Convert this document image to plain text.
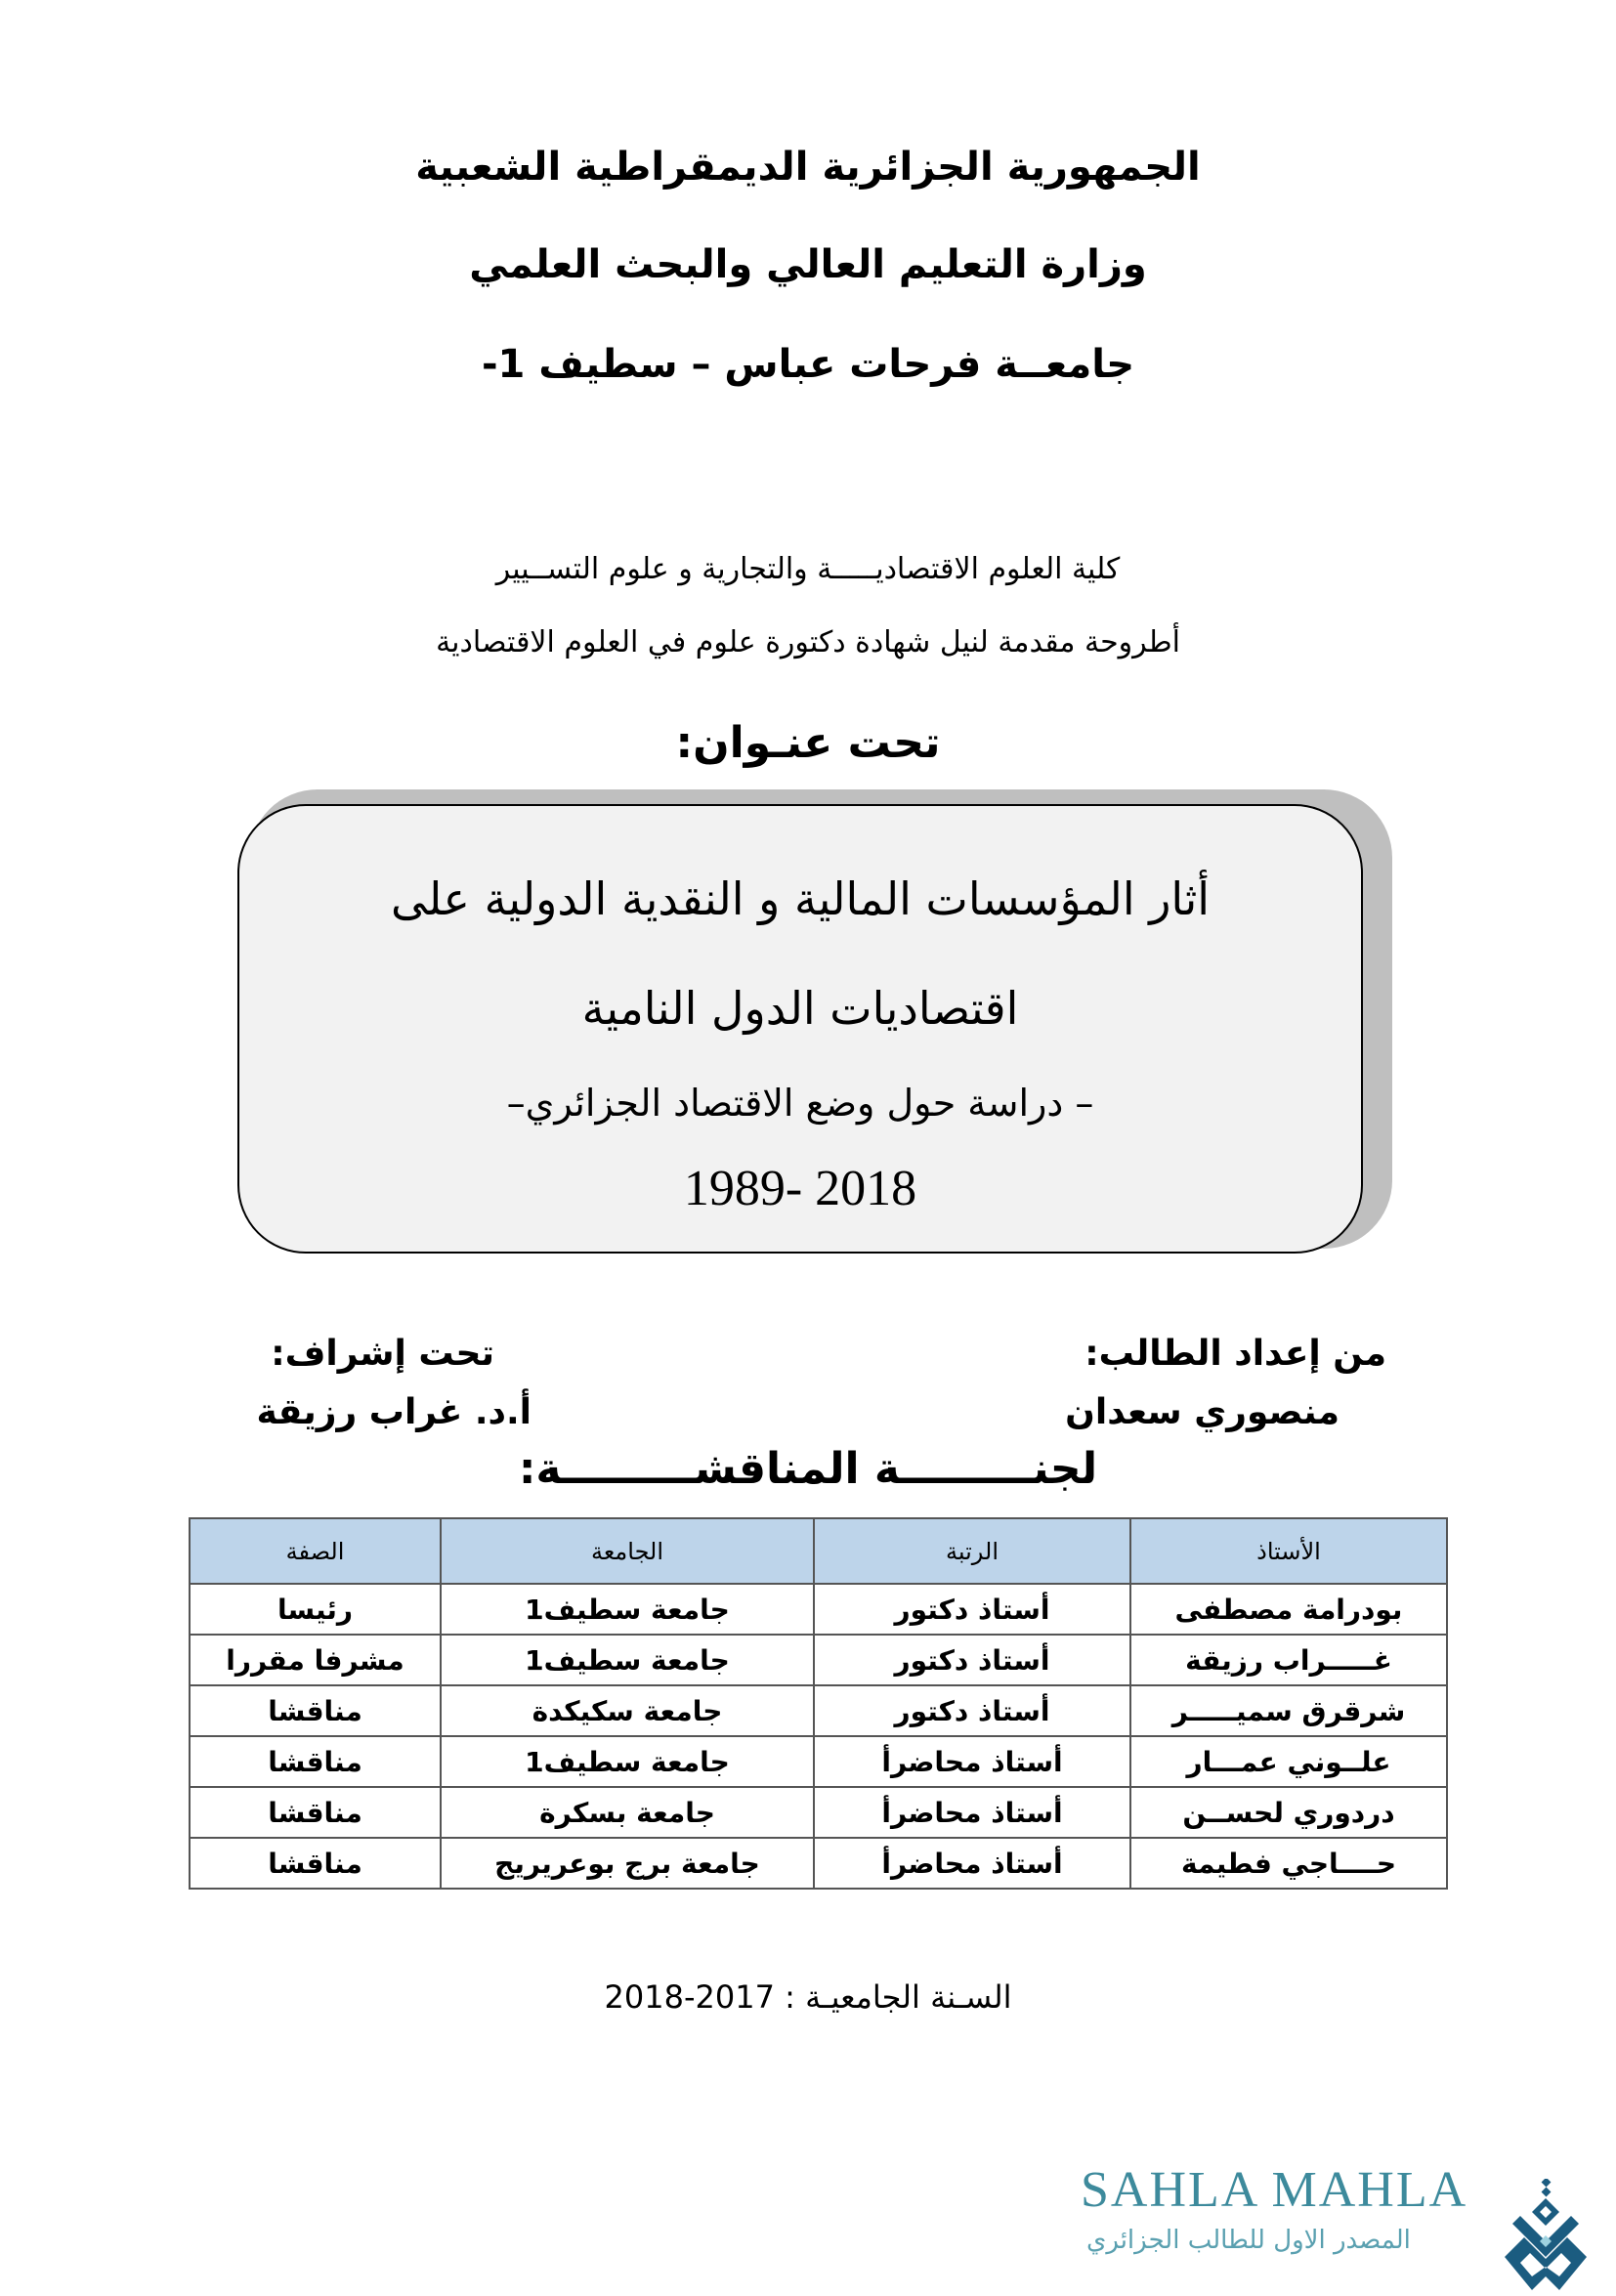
الجمهورية الجزائرية الديمقراطية الشعبية
وزارة التعليم العالي والبحث العلمي
جامعــة فرحات عباس – سطيف 1-
كلية العلوم الاقتصاديـــــة والتجارية و علوم التســيير
أطروحة مقدمة لنيل شهادة دكتورة علوم في العلوم الاقتصادية
تحت عنـوان:
أثار المؤسسات المالية و النقدية الدولية على
اقتصاديات الدول النامية
– دراسة حول وضع الاقتصاد الجزائري–
1989- 2018
من إعداد الطالب:
منصوري سعدان
تحت إشراف:
أ.د. غراب رزيقة
لجنـــــــــة المناقشـــــــــة:
الأستاذ	الرتبة	الجامعة	الصفة
بودرامة مصطفى	أستاذ دكتور	جامعة سطيف1	رئيسا
غـــــراب رزيقة	أستاذ دكتور	جامعة سطيف1	مشرفا مقررا
شرقرق سميـــــر	أستاذ دكتور	جامعة سكيكدة	مناقشا
علــوني عمـــار	أستاذ محاضرأ	جامعة سطيف1	مناقشا
دردوري لحســن	أستاذ محاضرأ	جامعة بسكرة	مناقشا
حــــاجي فطيمة	أستاذ محاضرأ	جامعة برج بوعريريج	مناقشا
السـنة الجامعيـة : 2017-2018
SAHLA MAHLA
المصدر الاول للطالب الجزائري
